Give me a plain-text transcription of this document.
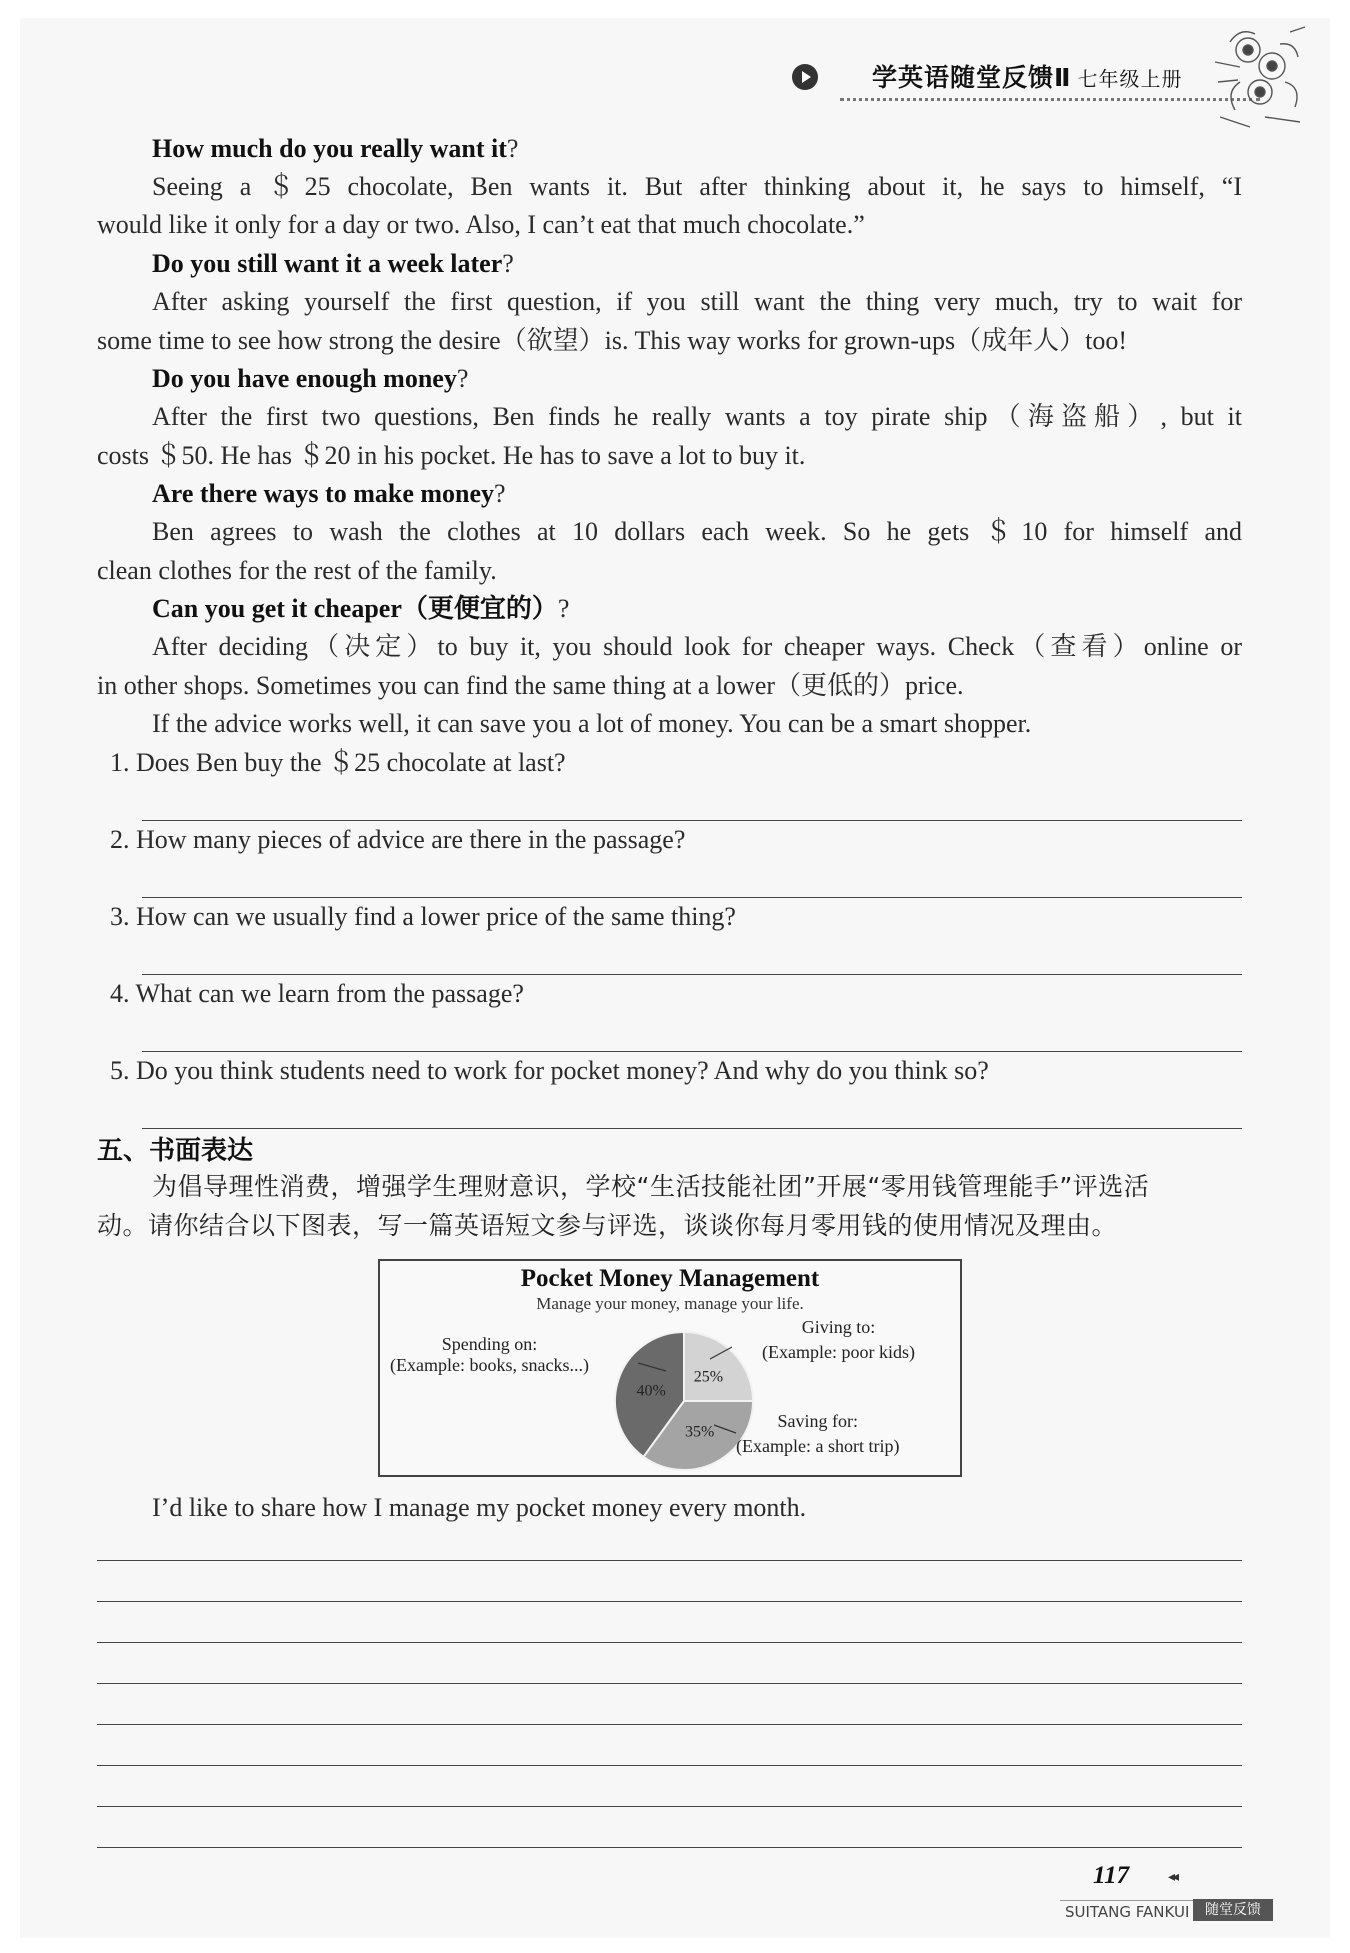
学英语随堂反馈Ⅱ 七年级上册
How much do you really want it?
Seeing a ＄25 chocolate, Ben wants it. But after thinking about it, he says to himself, “I
would like it only for a day or two. Also, I can’t eat that much chocolate.”
Do you still want it a week later?
After asking yourself the first question, if you still want the thing very much, try to wait for
some time to see how strong the desire（欲望）is. This way works for grown-ups（成年人）too!
Do you have enough money?
After the first two questions, Ben finds he really wants a toy pirate ship（海盗船）, but it
costs ＄50. He has ＄20 in his pocket. He has to save a lot to buy it.
Are there ways to make money?
Ben agrees to wash the clothes at 10 dollars each week. So he gets ＄10 for himself and
clean clothes for the rest of the family.
Can you get it cheaper（更便宜的）?
After deciding（决定）to buy it, you should look for cheaper ways. Check（查看）online or
in other shops. Sometimes you can find the same thing at a lower（更低的）price.
If the advice works well, it can save you a lot of money. You can be a smart shopper.
1. Does Ben buy the ＄25 chocolate at last?
2. How many pieces of advice are there in the passage?
3. How can we usually find a lower price of the same thing?
4. What can we learn from the passage?
5. Do you think students need to work for pocket money? And why do you think so?
五、书面表达
为倡导理性消费，增强学生理财意识，学校“生活技能社团”开展“零用钱管理能手”评选活
动。请你结合以下图表，写一篇英语短文参与评选，谈谈你每月零用钱的使用情况及理由。
Pocket Money Management
Manage your money, manage your life.
25%
35%
40%
Spending on:
(Example: books, snacks...)
Giving to:
(Example: poor kids)
Saving for:
(Example: a short trip)
I’d like to share how I manage my pocket money every month.
117	◂◂
SUITANG FANKUI	随堂反馈
